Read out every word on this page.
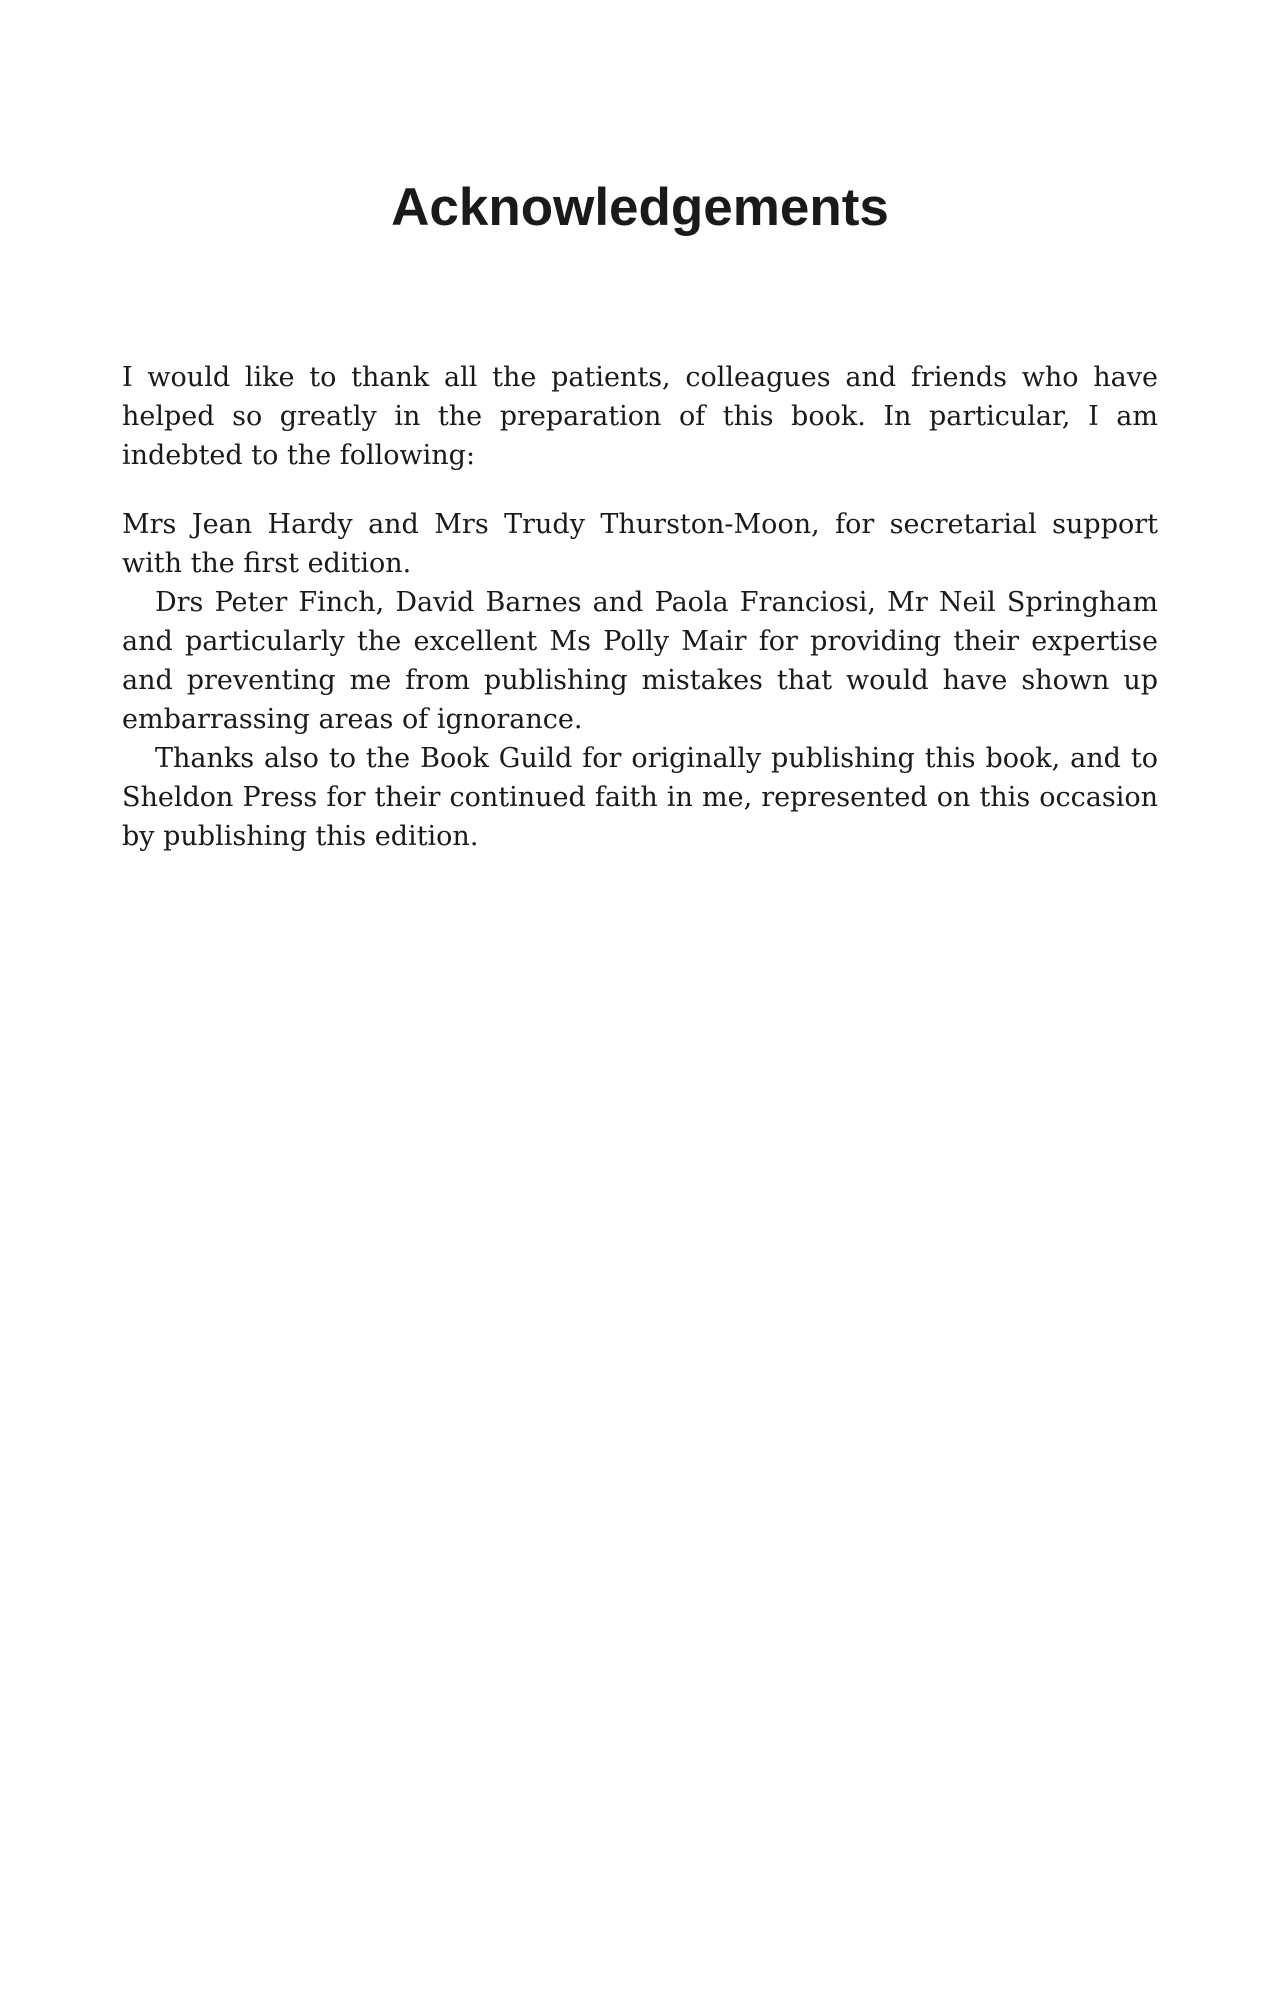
Acknowledgements

I would like to thank all the patients, colleagues and friends who have helped so greatly in the preparation of this book. In particular, I am indebted to the following:

Mrs Jean Hardy and Mrs Trudy Thurston-Moon, for secretarial support with the first edition.

Drs Peter Finch, David Barnes and Paola Franciosi, Mr Neil Springham and particularly the excellent Ms Polly Mair for providing their expertise and preventing me from publishing mistakes that would have shown up embarrassing areas of ignorance.

Thanks also to the Book Guild for originally publishing this book, and to Sheldon Press for their continued faith in me, represented on this occasion by publishing this edition.
